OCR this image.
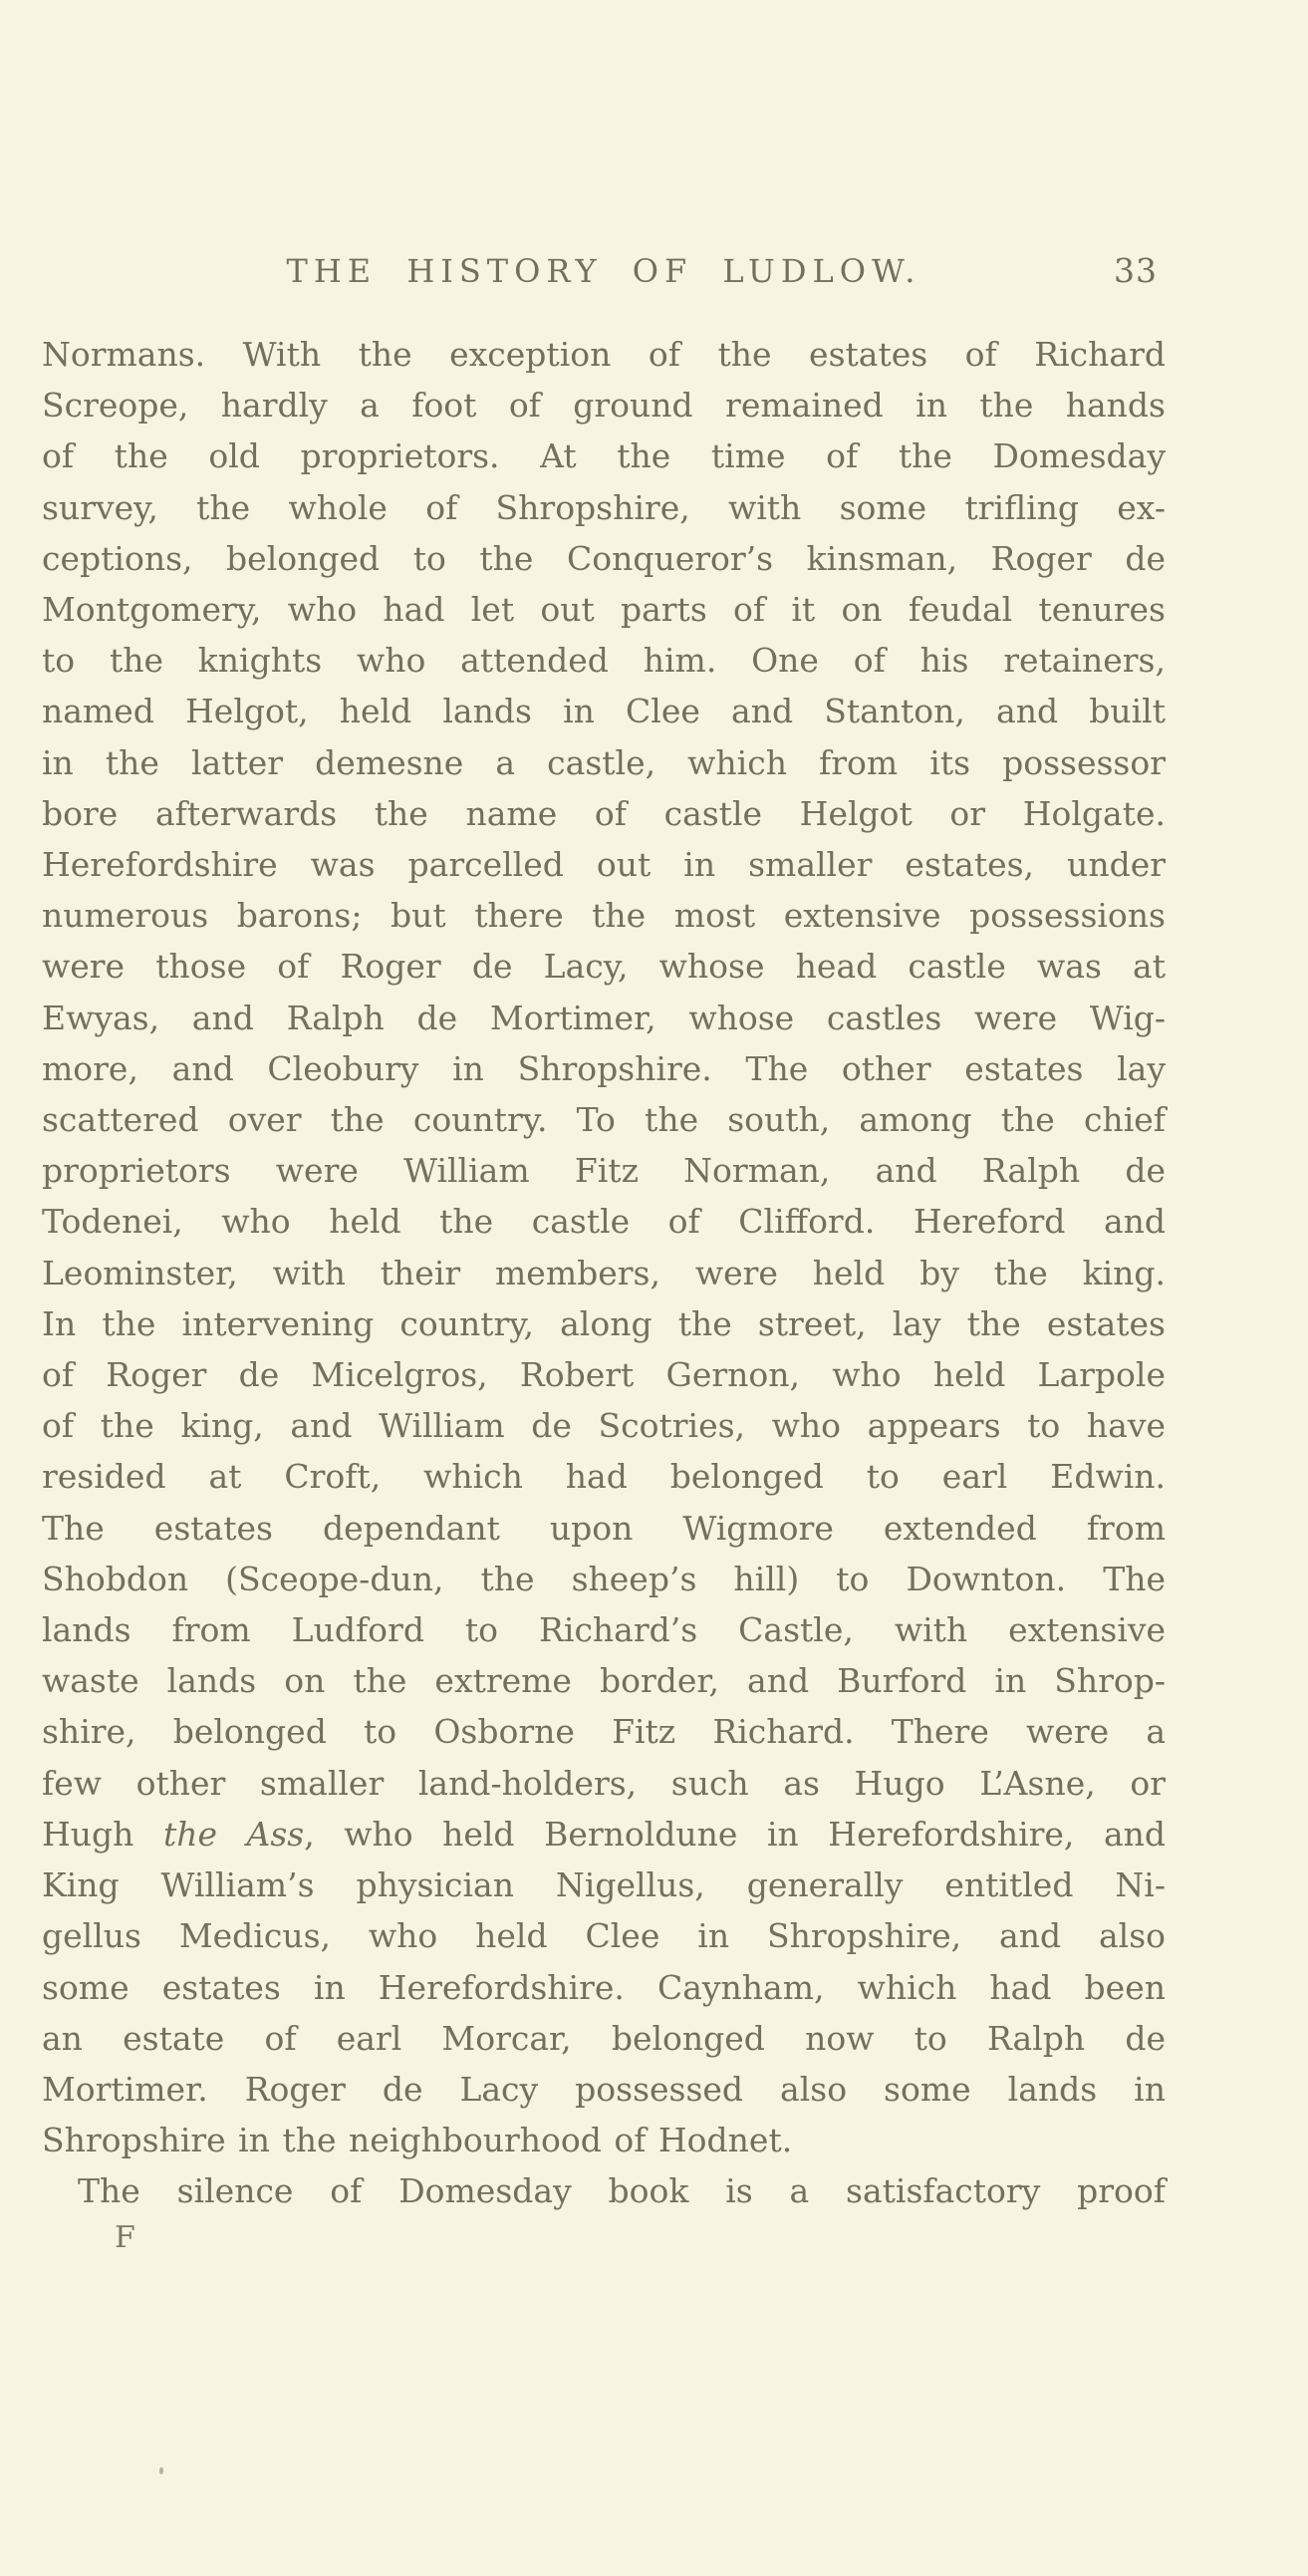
THE HISTORY OF LUDLOW.	33
Normans. With the exception of the estates of Richard
Screope, hardly a foot of ground remained in the hands
of the old proprietors. At the time of the Domesday
survey, the whole of Shropshire, with some trifling ex-
ceptions, belonged to the Conqueror’s kinsman, Roger de
Montgomery, who had let out parts of it on feudal tenures
to the knights who attended him. One of his retainers,
named Helgot, held lands in Clee and Stanton, and built
in the latter demesne a castle, which from its possessor
bore afterwards the name of castle Helgot or Holgate.
Herefordshire was parcelled out in smaller estates, under
numerous barons; but there the most extensive possessions
were those of Roger de Lacy, whose head castle was at
Ewyas, and Ralph de Mortimer, whose castles were Wig-
more, and Cleobury in Shropshire. The other estates lay
scattered over the country. To the south, among the chief
proprietors were William Fitz Norman, and Ralph de
Todenei, who held the castle of Clifford. Hereford and
Leominster, with their members, were held by the king.
In the intervening country, along the street, lay the estates
of Roger de Micelgros, Robert Gernon, who held Larpole
of the king, and William de Scotries, who appears to have
resided at Croft, which had belonged to earl Edwin.
The estates dependant upon Wigmore extended from
Shobdon (Sceope-dun, the sheep’s hill) to Downton. The
lands from Ludford to Richard’s Castle, with extensive
waste lands on the extreme border, and Burford in Shrop-
shire, belonged to Osborne Fitz Richard. There were a
few other smaller land-holders, such as Hugo L’Asne, or
Hugh the Ass, who held Bernoldune in Herefordshire, and
King William’s physician Nigellus, generally entitled Ni-
gellus Medicus, who held Clee in Shropshire, and also
some estates in Herefordshire. Caynham, which had been
an estate of earl Morcar, belonged now to Ralph de
Mortimer. Roger de Lacy possessed also some lands in
Shropshire in the neighbourhood of Hodnet.
The silence of Domesday book is a satisfactory proof
F
